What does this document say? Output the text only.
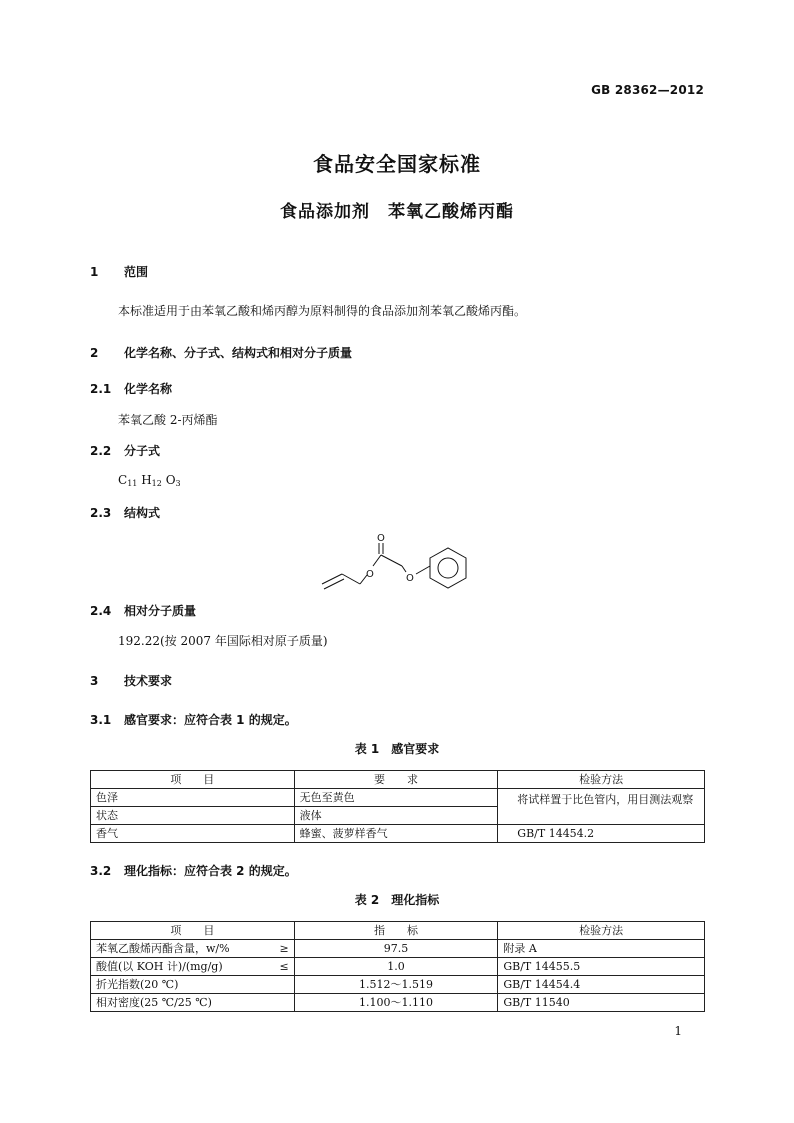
GB 28362—2012
食品安全国家标准
食品添加剂　苯氧乙酸烯丙酯
1 范围
本标准适用于由苯氧乙酸和烯丙醇为原料制得的食品添加剂苯氧乙酸烯丙酯。
2 化学名称、分子式、结构式和相对分子质量
2.1 化学名称
苯氧乙酸 2-丙烯酯
2.2 分子式
$C_{11}$ $H_{12}$ $O_3$
2.3 结构式
O
O
O
2.4 相对分子质量
192.22(按 2007 年国际相对原子质量)
3 技术要求
3.1 感官要求：应符合表 1 的规定。
表 1　感官要求
项　　目	要　　求	检验方法
色泽	无色至黄色	将试样置于比色管内，用目测法观察
状态	液体	
香气	蜂蜜、菠萝样香气	GB/T 14454.2
3.2 理化指标：应符合表 2 的规定。
表 2　理化指标
项　　目	指　　标	检验方法
苯氧乙酸烯丙酯含量，w/% ≥	97.5	附录 A
酸值(以 KOH 计)/(mg/g) ≤	1.0	GB/T 14455.5
折光指数(20 ℃)	1.512～1.519	GB/T 14454.4
相对密度(25 ℃/25 ℃)	1.100～1.110	GB/T 11540
1
